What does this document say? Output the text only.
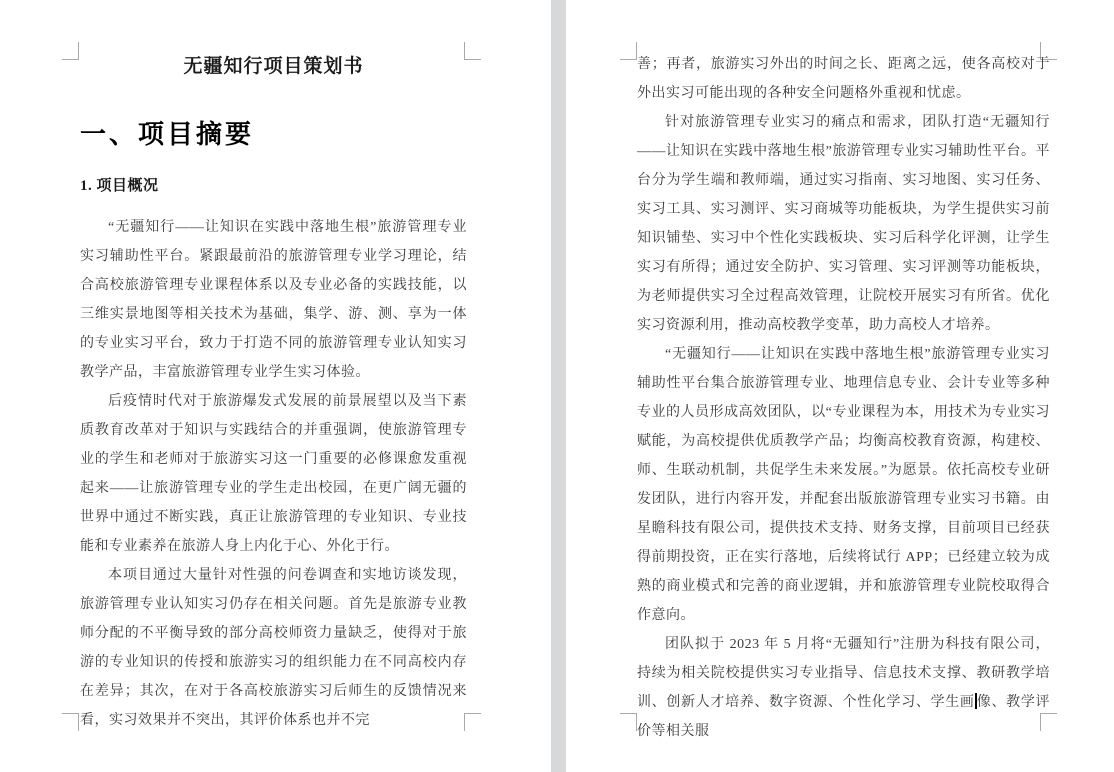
无疆知行项目策划书
一、项目摘要
1. 项目概况

“无疆知行——让知识在实践中落地生根”旅游管理专业实习辅助性平台。紧跟最前沿的旅游管理专业学习理论，结合高校旅游管理专业课程体系以及专业必备的实践技能，以三维实景地图等相关技术为基础，集学、游、测、享为一体的专业实习平台，致力于打造不同的旅游管理专业认知实习教学产品，丰富旅游管理专业学生实习体验。

后疫情时代对于旅游爆发式发展的前景展望以及当下素质教育改革对于知识与实践结合的并重强调，使旅游管理专业的学生和老师对于旅游实习这一门重要的必修课愈发重视起来——让旅游管理专业的学生走出校园，在更广阔无疆的世界中通过不断实践，真正让旅游管理的专业知识、专业技能和专业素养在旅游人身上内化于心、外化于行。

本项目通过大量针对性强的问卷调查和实地访谈发现，旅游管理专业认知实习仍存在相关问题。首先是旅游专业教师分配的不平衡导致的部分高校师资力量缺乏，使得对于旅游的专业知识的传授和旅游实习的组织能力在不同高校内存在差异；其次，在对于各高校旅游实习后师生的反馈情况来看，实习效果并不突出，其评价体系也并不完

善；再者，旅游实习外出的时间之长、距离之远，使各高校对于外出实习可能出现的各种安全问题格外重视和忧虑。

针对旅游管理专业实习的痛点和需求，团队打造“无疆知行——让知识在实践中落地生根”旅游管理专业实习辅助性平台。平台分为学生端和教师端，通过实习指南、实习地图、实习任务、实习工具、实习测评、实习商城等功能板块，为学生提供实习前知识铺垫、实习中个性化实践板块、实习后科学化评测，让学生实习有所得；通过安全防护、实习管理、实习评测等功能板块，为老师提供实习全过程高效管理，让院校开展实习有所省。优化实习资源利用，推动高校教学变革，助力高校人才培养。

“无疆知行——让知识在实践中落地生根”旅游管理专业实习辅助性平台集合旅游管理专业、地理信息专业、会计专业等多种专业的人员形成高效团队，以“专业课程为本，用技术为专业实习赋能，为高校提供优质教学产品；均衡高校教育资源，构建校、师、生联动机制，共促学生未来发展。”为愿景。依托高校专业研发团队，进行内容开发，并配套出版旅游管理专业实习书籍。由星瞻科技有限公司，提供技术支持、财务支撑，目前项目已经获得前期投资，正在实行落地，后续将试行 APP；已经建立较为成熟的商业模式和完善的商业逻辑，并和旅游管理专业院校取得合作意向。

团队拟于 2023 年 5 月将“无疆知行”注册为科技有限公司，持续为相关院校提供实习专业指导、信息技术支撑、教研教学培训、创新人才培养、数字资源、个性化学习、学生画 像、教学评价等相关服
